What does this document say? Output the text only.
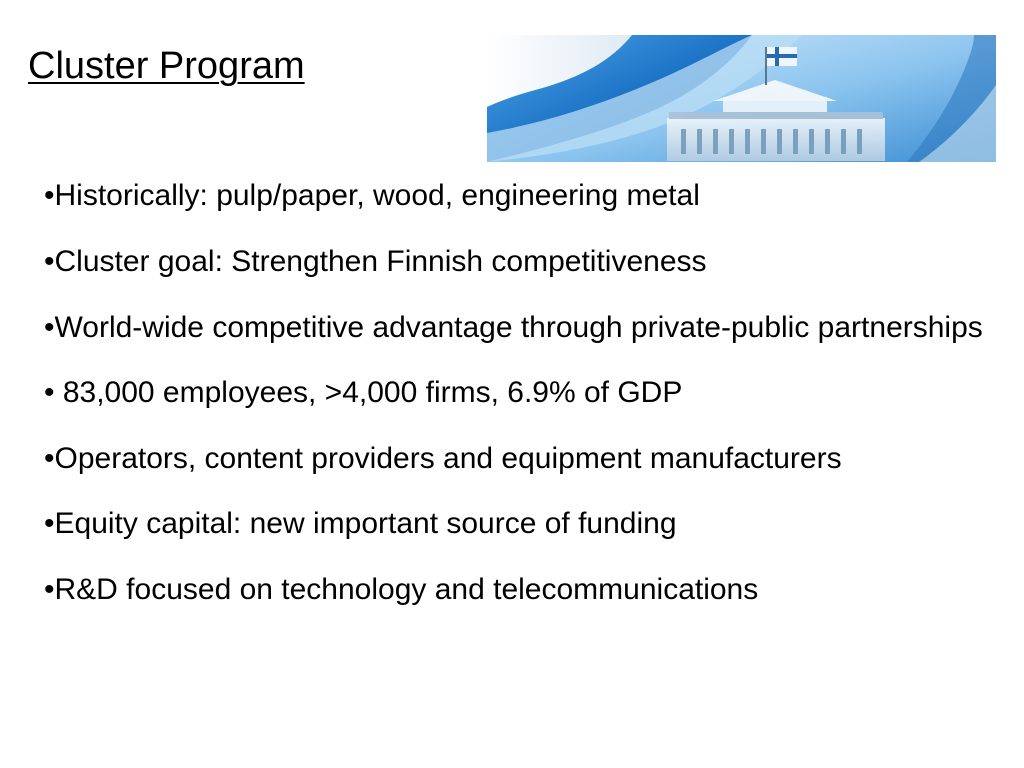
Cluster Program
•Historically: pulp/paper, wood, engineering metal
•Cluster goal: Strengthen Finnish competitiveness
•World-wide competitive advantage through private-public partnerships
• 83,000 employees, >4,000 firms, 6.9% of GDP
•Operators, content providers and equipment manufacturers
•Equity capital: new important source of funding
•R&D focused on technology and telecommunications
